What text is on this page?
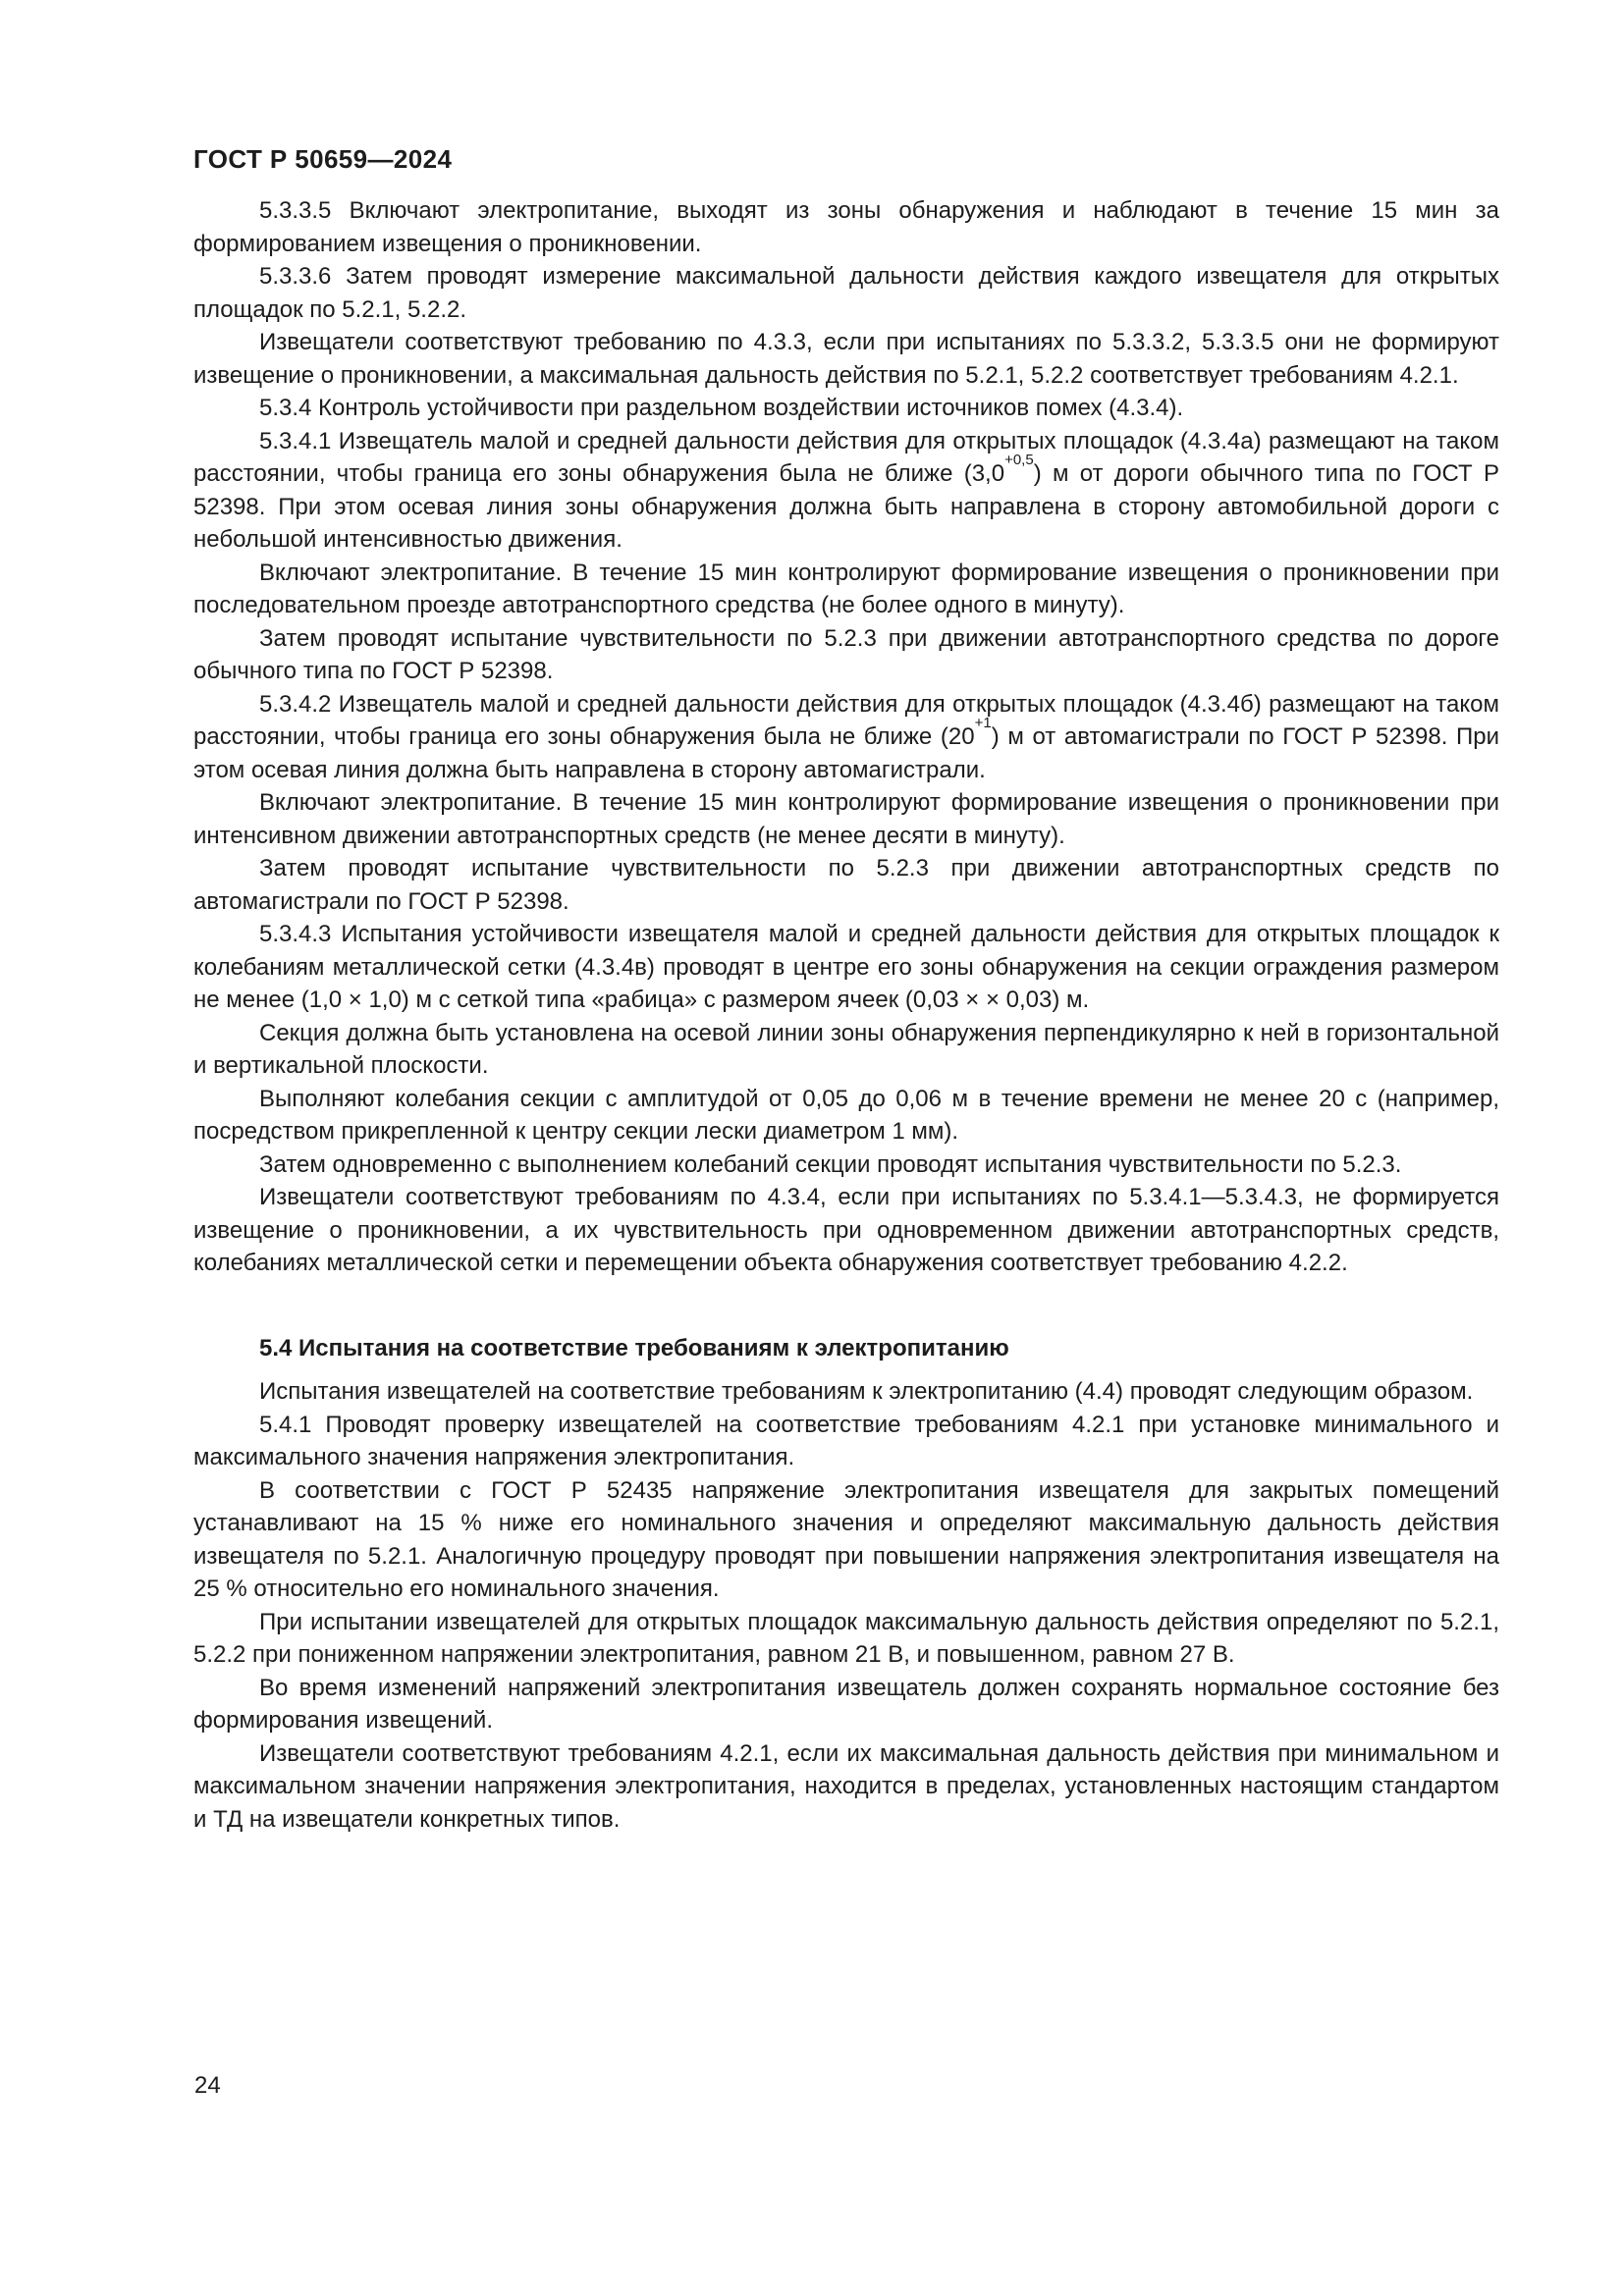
ГОСТ Р 50659—2024

5.3.3.5 Включают электропитание, выходят из зоны обнаружения и наблюдают в течение 15 мин за формированием извещения о проникновении.

5.3.3.6 Затем проводят измерение максимальной дальности действия каждого извещателя для открытых площадок по 5.2.1, 5.2.2.

Извещатели соответствуют требованию по 4.3.3, если при испытаниях по 5.3.3.2, 5.3.3.5 они не формируют извещение о проникновении, а максимальная дальность действия по 5.2.1, 5.2.2 соответствует требованиям 4.2.1.

5.3.4 Контроль устойчивости при раздельном воздействии источников помех (4.3.4).

5.3.4.1 Извещатель малой и средней дальности действия для открытых площадок (4.3.4а) размещают на таком расстоянии, чтобы граница его зоны обнаружения была не ближе $(3,0^{+0,5})$ м от дороги обычного типа по ГОСТ Р 52398. При этом осевая линия зоны обнаружения должна быть направлена в сторону автомобильной дороги с небольшой интенсивностью движения.

Включают электропитание. В течение 15 мин контролируют формирование извещения о проникновении при последовательном проезде автотранспортного средства (не более одного в минуту).

Затем проводят испытание чувствительности по 5.2.3 при движении автотранспортного средства по дороге обычного типа по ГОСТ Р 52398.

5.3.4.2 Извещатель малой и средней дальности действия для открытых площадок (4.3.4б) размещают на таком расстоянии, чтобы граница его зоны обнаружения была не ближе $(20^{+1})$ м от автомагистрали по ГОСТ Р 52398. При этом осевая линия должна быть направлена в сторону автомагистрали.

Включают электропитание. В течение 15 мин контролируют формирование извещения о проникновении при интенсивном движении автотранспортных средств (не менее десяти в минуту).

Затем проводят испытание чувствительности по 5.2.3 при движении автотранспортных средств по автомагистрали по ГОСТ Р 52398.

5.3.4.3 Испытания устойчивости извещателя малой и средней дальности действия для открытых площадок к колебаниям металлической сетки (4.3.4в) проводят в центре его зоны обнаружения на секции ограждения размером не менее (1,0 × 1,0) м с сеткой типа «рабица» с размером ячеек (0,03 × × 0,03) м.

Секция должна быть установлена на осевой линии зоны обнаружения перпендикулярно к ней в горизонтальной и вертикальной плоскости.

Выполняют колебания секции с амплитудой от 0,05 до 0,06 м в течение времени не менее 20 с (например, посредством прикрепленной к центру секции лески диаметром 1 мм).

Затем одновременно с выполнением колебаний секции проводят испытания чувствительности по 5.2.3.

Извещатели соответствуют требованиям по 4.3.4, если при испытаниях по 5.3.4.1—5.3.4.3, не формируется извещение о проникновении, а их чувствительность при одновременном движении автотранспортных средств, колебаниях металлической сетки и перемещении объекта обнаружения соответствует требованию 4.2.2.

5.4 Испытания на соответствие требованиям к электропитанию

Испытания извещателей на соответствие требованиям к электропитанию (4.4) проводят следующим образом.

5.4.1 Проводят проверку извещателей на соответствие требованиям 4.2.1 при установке минимального и максимального значения напряжения электропитания.

В соответствии с ГОСТ Р 52435 напряжение электропитания извещателя для закрытых помещений устанавливают на 15 % ниже его номинального значения и определяют максимальную дальность действия извещателя по 5.2.1. Аналогичную процедуру проводят при повышении напряжения электропитания извещателя на 25 % относительно его номинального значения.

При испытании извещателей для открытых площадок максимальную дальность действия определяют по 5.2.1, 5.2.2 при пониженном напряжении электропитания, равном 21 В, и повышенном, равном 27 В.

Во время изменений напряжений электропитания извещатель должен сохранять нормальное состояние без формирования извещений.

Извещатели соответствуют требованиям 4.2.1, если их максимальная дальность действия при минимальном и максимальном значении напряжения электропитания, находится в пределах, установленных настоящим стандартом и ТД на извещатели конкретных типов.

24
